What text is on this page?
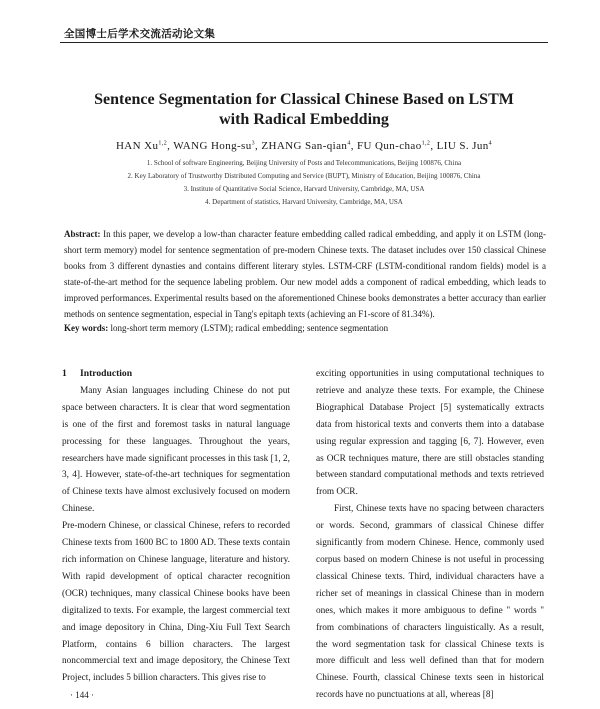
全国博士后学术交流活动论文集
Sentence Segmentation for Classical Chinese Based on LSTM
with Radical Embedding
HAN Xu$^{1,2}$, WANG Hong-$su^3$, ZHANG San-qian$^4$, FU Qun-chao$^{1,2}$, LIU S. Jun$^4$
1. School of software Engineering, Beijing University of Posts and Telecommunications, Beijing 100876, China
2. Key Laboratory of Trustworthy Distributed Computing and Service (BUPT), Ministry of Education, Beijing 100876, China
3. Institute of Quantitative Social Science, Harvard University, Cambridge, MA, USA
4. Department of statistics, Harvard University, Cambridge, MA, USA
Abstract: In this paper, we develop a low-than character feature embedding called radical embedding, and apply it on LSTM (long-short term memory) model for sentence segmentation of pre-modern Chinese texts. The dataset includes over 150 classical Chinese books from 3 different dynasties and contains different literary styles. LSTM-CRF (LSTM-conditional random fields) model is a state-of-the-art method for the sequence labeling problem. Our new model adds a component of radical embedding, which leads to improved performances. Experimental results based on the aforementioned Chinese books demonstrates a better accuracy than earlier methods on sentence segmentation, especial in Tang's epitaph texts (achieving an F1-score of 81.34%).
Key words: long-short term memory (LSTM); radical embedding; sentence segmentation

1 Introduction

Many Asian languages including Chinese do not put space between characters. It is clear that word segmentation is one of the first and foremost tasks in natural language processing for these languages. Throughout the years, researchers have made significant processes in this task [1, 2, 3, 4]. However, state-of-the-art techniques for segmentation of Chinese texts have almost exclusively focused on modern Chinese.

Pre-modern Chinese, or classical Chinese, refers to recorded Chinese texts from 1600 BC to 1800 AD. These texts contain rich information on Chinese language, literature and history. With rapid development of optical character recognition (OCR) techniques, many classical Chinese books have been digitalized to texts. For example, the largest commercial text and image depository in China, Ding-Xiu Full Text Search Platform, contains 6 billion characters. The largest noncommercial text and image depository, the Chinese Text Project, includes 5 billion characters. This gives rise to

exciting opportunities in using computational techniques to retrieve and analyze these texts. For example, the Chinese Biographical Database Project [5] systematically extracts data from historical texts and converts them into a database using regular expression and tagging [6, 7]. However, even as OCR techniques mature, there are still obstacles standing between standard computational methods and texts retrieved from OCR.

First, Chinese texts have no spacing between characters or words. Second, grammars of classical Chinese differ significantly from modern Chinese. Hence, commonly used corpus based on modern Chinese is not useful in processing classical Chinese texts. Third, individual characters have a richer set of meanings in classical Chinese than in modern ones, which makes it more ambiguous to define " words " from combinations of characters linguistically. As a result, the word segmentation task for classical Chinese texts is more difficult and less well defined than that for modern Chinese. Fourth, classical Chinese texts seen in historical records have no punctuations at all, whereas [8]

· 144 ·
